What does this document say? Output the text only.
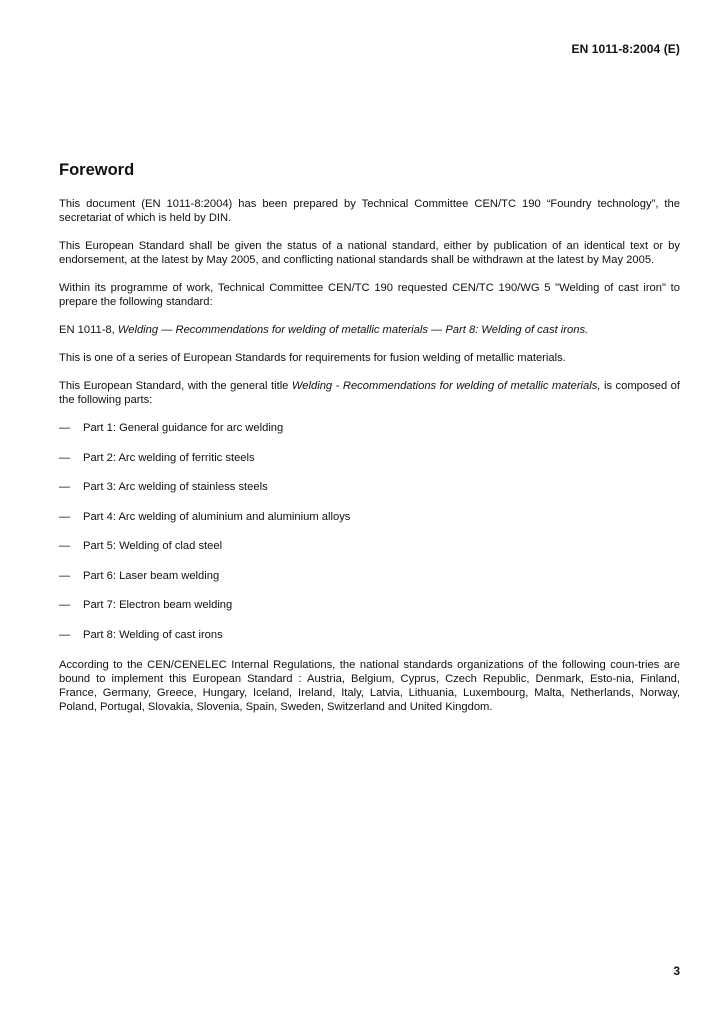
EN 1011-8:2004 (E)
Foreword

This document (EN 1011-8:2004) has been prepared by Technical Committee CEN/TC 190 “Foundry technology”, the secretariat of which is held by DIN.

This European Standard shall be given the status of a national standard, either by publication of an identical text or by endorsement, at the latest by May 2005, and conflicting national standards shall be withdrawn at the latest by May 2005.

Within its programme of work, Technical Committee CEN/TC 190 requested CEN/TC 190/WG 5 "Welding of cast iron" to prepare the following standard:

EN 1011-8, Welding — Recommendations for welding of metallic materials — Part 8: Welding of cast irons.

This is one of a series of European Standards for requirements for fusion welding of metallic materials.

This European Standard, with the general title Welding - Recommendations for welding of metallic materials, is composed of the following parts:

—	Part 1: General guidance for arc welding
—	Part 2: Arc welding of ferritic steels
—	Part 3: Arc welding of stainless steels
—	Part 4: Arc welding of aluminium and aluminium alloys
—	Part 5: Welding of clad steel
—	Part 6: Laser beam welding
—	Part 7: Electron beam welding
—	Part 8: Welding of cast irons

According to the CEN/CENELEC Internal Regulations, the national standards organizations of the following coun-tries are bound to implement this European Standard : Austria, Belgium, Cyprus, Czech Republic, Denmark, Esto-nia, Finland, France, Germany, Greece, Hungary, Iceland, Ireland, Italy, Latvia, Lithuania, Luxembourg, Malta, Netherlands, Norway, Poland, Portugal, Slovakia, Slovenia, Spain, Sweden, Switzerland and United Kingdom.

3
